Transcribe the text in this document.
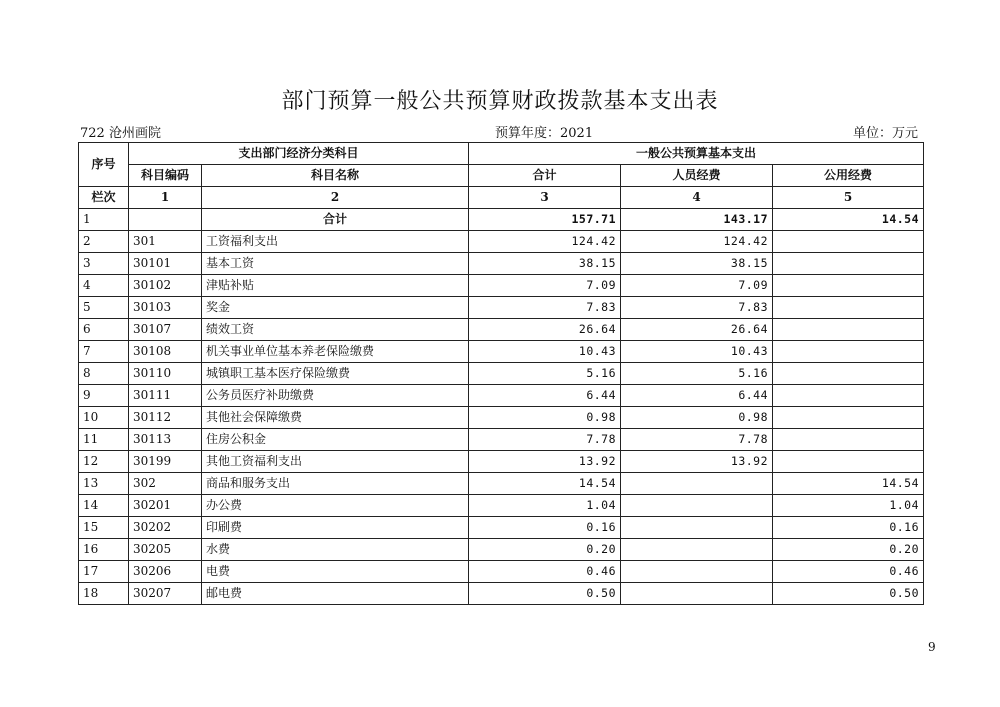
部门预算一般公共预算财政拨款基本支出表
722 沧州画院	预算年度：2021	单位：万元
序号	支出部门经济分类科目		一般公共预算基本支出		
	科目编码	科目名称	合计	人员经费	公用经费
栏次	1	2	3	4	5
1		合计	157.71	143.17	14.54
2	301	工资福利支出	124.42	124.42	
3	30101	基本工资	38.15	38.15	
4	30102	津贴补贴	7.09	7.09	
5	30103	奖金	7.83	7.83	
6	30107	绩效工资	26.64	26.64	
7	30108	机关事业单位基本养老保险缴费	10.43	10.43	
8	30110	城镇职工基本医疗保险缴费	5.16	5.16	
9	30111	公务员医疗补助缴费	6.44	6.44	
10	30112	其他社会保障缴费	0.98	0.98	
11	30113	住房公积金	7.78	7.78	
12	30199	其他工资福利支出	13.92	13.92	
13	302	商品和服务支出	14.54		14.54
14	30201	办公费	1.04		1.04
15	30202	印刷费	0.16		0.16
16	30205	水费	0.20		0.20
17	30206	电费	0.46		0.46
18	30207	邮电费	0.50		0.50
9
